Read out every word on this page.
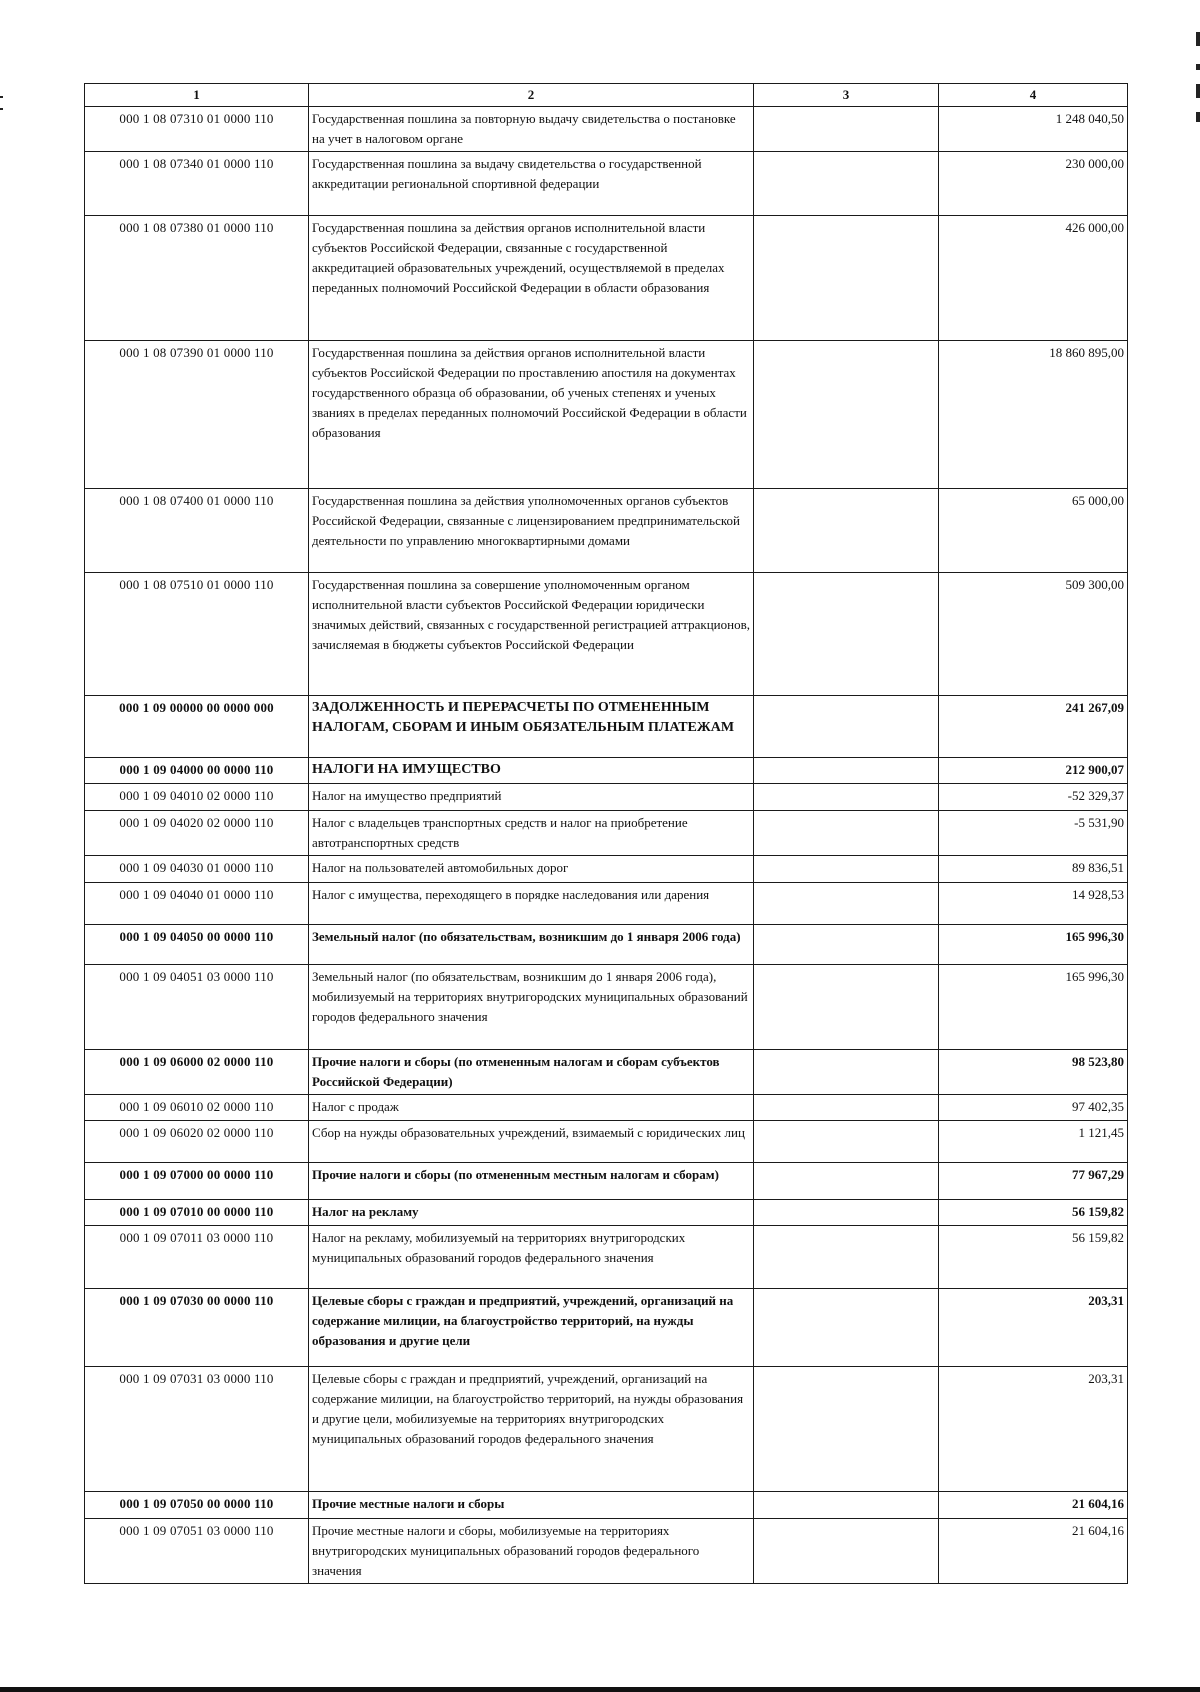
1	2	3	4
000 1 08 07310 01 0000 110	Государственная пошлина за повторную выдачу свидетельства о постановке на учет в налоговом органе		1 248 040,50
000 1 08 07340 01 0000 110	Государственная пошлина за выдачу свидетельства о государственной аккредитации региональной спортивной федерации		230 000,00
000 1 08 07380 01 0000 110	Государственная пошлина за действия органов исполнительной власти субъектов Российской Федерации, связанные с государственной аккредитацией образовательных учреждений, осуществляемой в пределах переданных полномочий Российской Федерации в области образования		426 000,00
000 1 08 07390 01 0000 110	Государственная пошлина за действия органов исполнительной власти субъектов Российской Федерации по проставлению апостиля на документах государственного образца об образовании, об ученых степенях и ученых званиях в пределах переданных полномочий Российской Федерации в области образования		18 860 895,00
000 1 08 07400 01 0000 110	Государственная пошлина за действия уполномоченных органов субъектов Российской Федерации, связанные с лицензированием предпринимательской деятельности по управлению многоквартирными домами		65 000,00
000 1 08 07510 01 0000 110	Государственная пошлина за совершение уполномоченным органом исполнительной власти субъектов Российской Федерации юридически значимых действий, связанных с государственной регистрацией аттракционов, зачисляемая в бюджеты субъектов Российской Федерации		509 300,00
000 1 09 00000 00 0000 000	ЗАДОЛЖЕННОСТЬ И ПЕРЕРАСЧЕТЫ ПО ОТМЕНЕННЫМ НАЛОГАМ, СБОРАМ И ИНЫМ ОБЯЗАТЕЛЬНЫМ ПЛАТЕЖАМ		241 267,09
000 1 09 04000 00 0000 110	НАЛОГИ НА ИМУЩЕСТВО		212 900,07
000 1 09 04010 02 0000 110	Налог на имущество предприятий		-52 329,37
000 1 09 04020 02 0000 110	Налог с владельцев транспортных средств и налог на приобретение автотранспортных средств		-5 531,90
000 1 09 04030 01 0000 110	Налог на пользователей автомобильных дорог		89 836,51
000 1 09 04040 01 0000 110	Налог с имущества, переходящего в порядке наследования или дарения		14 928,53
000 1 09 04050 00 0000 110	Земельный налог (по обязательствам, возникшим до 1 января 2006 года)		165 996,30
000 1 09 04051 03 0000 110	Земельный налог (по обязательствам, возникшим до 1 января 2006 года), мобилизуемый на территориях внутригородских муниципальных образований городов федерального значения		165 996,30
000 1 09 06000 02 0000 110	Прочие налоги и сборы (по отмененным налогам и сборам субъектов Российской Федерации)		98 523,80
000 1 09 06010 02 0000 110	Налог с продаж		97 402,35
000 1 09 06020 02 0000 110	Сбор на нужды образовательных учреждений, взимаемый с юридических лиц		1 121,45
000 1 09 07000 00 0000 110	Прочие налоги и сборы (по отмененным местным налогам и сборам)		77 967,29
000 1 09 07010 00 0000 110	Налог на рекламу		56 159,82
000 1 09 07011 03 0000 110	Налог на рекламу, мобилизуемый на территориях внутригородских муниципальных образований городов федерального значения		56 159,82
000 1 09 07030 00 0000 110	Целевые сборы с граждан и предприятий, учреждений, организаций на содержание милиции, на благоустройство территорий, на нужды образования и другие цели		203,31
000 1 09 07031 03 0000 110	Целевые сборы с граждан и предприятий, учреждений, организаций на содержание милиции, на благоустройство территорий, на нужды образования и другие цели, мобилизуемые на территориях внутригородских муниципальных образований городов федерального значения		203,31
000 1 09 07050 00 0000 110	Прочие местные налоги и сборы		21 604,16
000 1 09 07051 03 0000 110	Прочие местные налоги и сборы, мобилизуемые на территориях внутригородских муниципальных образований городов федерального значения		21 604,16
